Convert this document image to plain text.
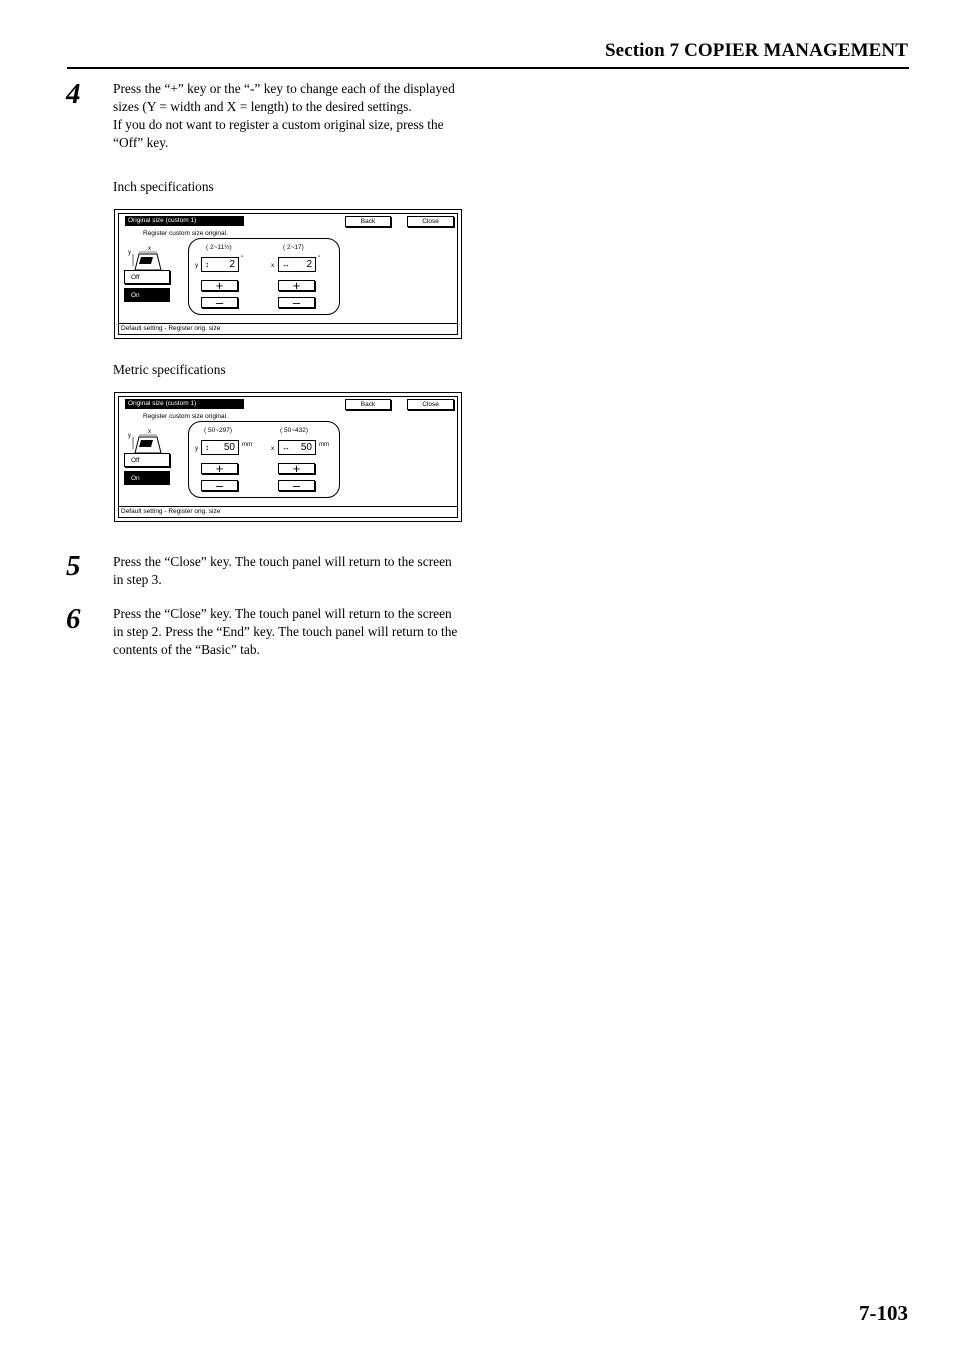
Section 7 COPIER MANAGEMENT
4 Press the “+” key or the “-” key to change each of the displayed sizes (Y = width and X = length) to the desired settings.

If you do not want to register a custom original size, press the “Off” key.

Inch specifications
Original size (custom 1)	Back	Close
Register custom size original.
y
x
Off
On
( 2~11½)	( 2~17)
y ↕ 2	"
x ↔ 2	"
+	+
–	–
Default setting - Register orig. size
Metric specifications
Original size (custom 1)	Back	Close
Register custom size original.
y
x
Off
On
( 50~297)	( 50~432)
y ↕ 50	mm	x ↔ 50	mm
+	+
–	–
Default setting - Register orig. size
5 Press the “Close” key. The touch panel will return to the screen in step 3.

6 Press the “Close” key. The touch panel will return to the screen in step 2. Press the “End” key. The touch panel will return to the contents of the “Basic” tab.

7-103
